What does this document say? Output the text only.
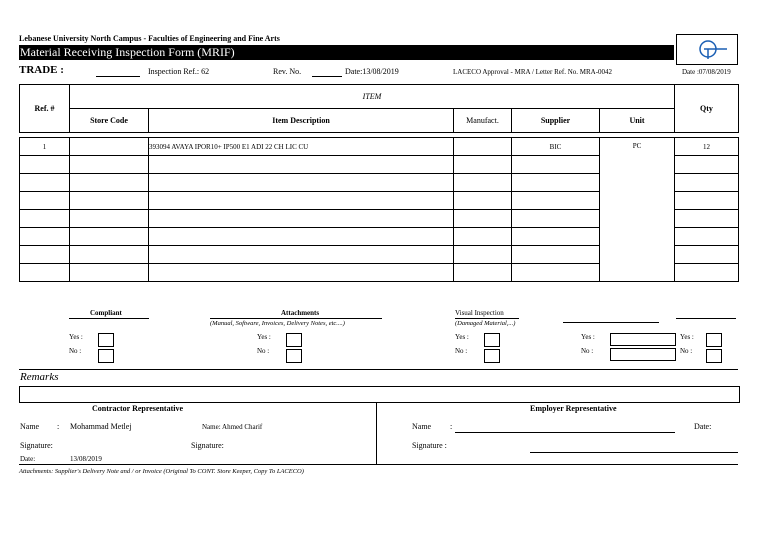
Lebanese University North Campus - Faculties of Engineering and Fine Arts
Material Receiving Inspection Form (MRIF)
TRADE :	Inspection Ref.: 62	Rev. No.	Date:13/08/2019	LACECO Approval - MRA / Letter Ref. No. MRA-0042	Date :07/08/2019
Ref. #	ITEM					Qty
	Store Code	Item Description	Manufact.	Supplier	Unit	

1		393094 AVAYA IPOR10+ IP500 E1 ADI 22 CH LIC CU		BIC	PC	12

Compliant
Yes :
No :
Attachments
(Manual, Software, Invoices, Delivery Notes, etc....)
Yes :
No :
Visual Inspection
(Damaged Material,...)
Yes :
No :
Yes :
No :
Yes :
No :
Remarks
Contractor Representative
Name : Mohammad Metlej	Name: Ahmed Charif
Signature:	Signature:
Date:	13/08/2019
Employer Representative
Name :	Date:
Signature :
Attachments: Supplier's Delivery Note and / or Invoice (Original To CONT. Store Keeper, Copy To LACECO)
